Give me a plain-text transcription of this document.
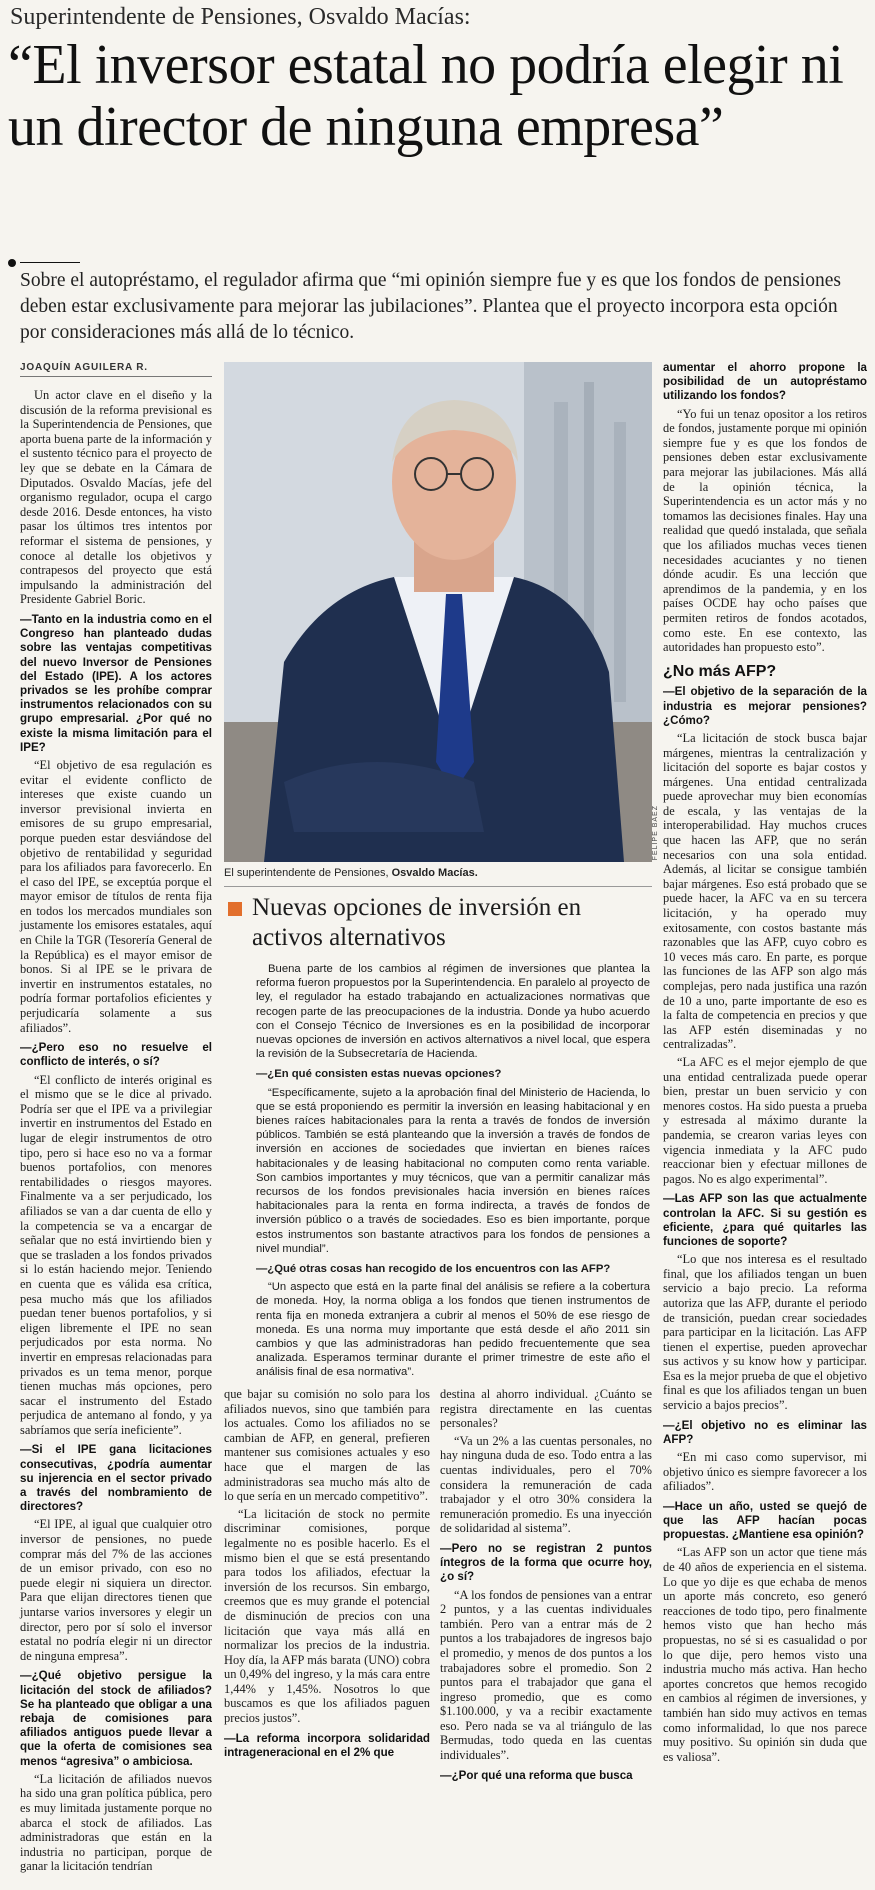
Superintendente de Pensiones, Osvaldo Macías:
“El inversor estatal no podría elegir ni un director de ninguna empresa”
Sobre el autopréstamo, el regulador afirma que “mi opinión siempre fue y es que los fondos de pensiones deben estar exclusivamente para mejorar las jubilaciones”. Plantea que el proyecto incorpora esta opción por consideraciones más allá de lo técnico.
JOAQUÍN AGUILERA R.

Un actor clave en el diseño y la discusión de la reforma previsional es la Superintendencia de Pensiones, que aporta buena parte de la información y el sustento técnico para el proyecto de ley que se debate en la Cámara de Diputados. Osvaldo Macías, jefe del organismo regulador, ocupa el cargo desde 2016. Desde entonces, ha visto pasar los últimos tres intentos por reformar el sistema de pensiones, y conoce al detalle los objetivos y contrapesos del proyecto que está impulsando la administración del Presidente Gabriel Boric.

—Tanto en la industria como en el Congreso han planteado dudas sobre las ventajas competitivas del nuevo Inversor de Pensiones del Estado (IPE). A los actores privados se les prohíbe comprar instrumentos relacionados con su grupo empresarial. ¿Por qué no existe la misma limitación para el IPE?

“El objetivo de esa regulación es evitar el evidente conflicto de intereses que existe cuando un inversor previsional invierta en emisores de su grupo empresarial, porque pueden estar desviándose del objetivo de rentabilidad y seguridad para los afiliados para favorecerlo. En el caso del IPE, se exceptúa porque el mayor emisor de títulos de renta fija en todos los mercados mundiales son justamente los emisores estatales, aquí en Chile la TGR (Tesorería General de la República) es el mayor emisor de bonos. Si al IPE se le privara de invertir en instrumentos estatales, no podría formar portafolios eficientes y perjudicaría solamente a sus afiliados”.

—¿Pero eso no resuelve el conflicto de interés, o sí?

“El conflicto de interés original es el mismo que se le dice al privado. Podría ser que el IPE va a privilegiar invertir en instrumentos del Estado en lugar de elegir instrumentos de otro tipo, pero si hace eso no va a formar buenos portafolios, con menores rentabilidades o riesgos mayores. Finalmente va a ser perjudicado, los afiliados se van a dar cuenta de ello y la competencia se va a encargar de señalar que no está invirtiendo bien y que se trasladen a los fondos privados si lo están haciendo mejor. Teniendo en cuenta que es válida esa crítica, pesa mucho más que los afiliados puedan tener buenos portafolios, y si eligen libremente el IPE no sean perjudicados por esta norma. No invertir en empresas relacionadas para privados es un tema menor, porque tienen muchas más opciones, pero sacar el instrumento del Estado perjudica de antemano al fondo, y ya sabríamos que sería ineficiente”.

—Si el IPE gana licitaciones consecutivas, ¿podría aumentar su injerencia en el sector privado a través del nombramiento de directores?

“El IPE, al igual que cualquier otro inversor de pensiones, no puede comprar más del 7% de las acciones de un emisor privado, con eso no puede elegir ni siquiera un director. Para que elijan directores tienen que juntarse varios inversores y elegir un director, pero por sí solo el inversor estatal no podría elegir ni un director de ninguna empresa”.

—¿Qué objetivo persigue la licitación del stock de afiliados? Se ha planteado que obligar a una rebaja de comisiones para afiliados antiguos puede llevar a que la oferta de comisiones sea menos “agresiva” o ambiciosa.

“La licitación de afiliados nuevos ha sido una gran política pública, pero es muy limitada justamente porque no abarca el stock de afiliados. Las administradoras que están en la industria no participan, porque de ganar la licitación tendrían

FELIPE BAEZ
El superintendente de Pensiones, Osvaldo Macías.
Nuevas opciones de inversión en activos alternativos

Buena parte de los cambios al régimen de inversiones que plantea la reforma fueron propuestos por la Superintendencia. En paralelo al proyecto de ley, el regulador ha estado trabajando en actualizaciones normativas que recogen parte de las preocupaciones de la industria. Donde ya hubo acuerdo con el Consejo Técnico de Inversiones es en la posibilidad de incorporar nuevas opciones de inversión en activos alternativos a nivel local, que espera la revisión de la Subsecretaría de Hacienda.

—¿En qué consisten estas nuevas opciones?

“Específicamente, sujeto a la aprobación final del Ministerio de Hacienda, lo que se está proponiendo es permitir la inversión en leasing habitacional y en bienes raíces habitacionales para la renta a través de fondos de inversión públicos. También se está planteando que la inversión a través de fondos de inversión en acciones de sociedades que inviertan en bienes raíces habitacionales y de leasing habitacional no computen como renta variable. Son cambios importantes y muy técnicos, que van a permitir canalizar más recursos de los fondos previsionales hacia inversión en bienes raíces habitacionales para la renta en forma indirecta, a través de fondos de inversión público o a través de sociedades. Eso es bien importante, porque estos instrumentos son bastante atractivos para los fondos de pensiones a nivel mundial”.

—¿Qué otras cosas han recogido de los encuentros con las AFP?

“Un aspecto que está en la parte final del análisis se refiere a la cobertura de moneda. Hoy, la norma obliga a los fondos que tienen instrumentos de renta fija en moneda extranjera a cubrir al menos el 50% de ese riesgo de moneda. Es una norma muy importante que está desde el año 2011 sin cambios y que las administradoras han pedido frecuentemente que sea analizada. Esperamos terminar durante el primer trimestre de este año el análisis final de esa normativa”.

que bajar su comisión no solo para los afiliados nuevos, sino que también para los actuales. Como los afiliados no se cambian de AFP, en general, prefieren mantener sus comisiones actuales y eso hace que el margen de las administradoras sea mucho más alto de lo que sería en un mercado competitivo”.

“La licitación de stock no permite discriminar comisiones, porque legalmente no es posible hacerlo. Es el mismo bien el que se está presentando para todos los afiliados, efectuar la inversión de los recursos. Sin embargo, creemos que es muy grande el potencial de disminución de precios con una licitación que vaya más allá en normalizar los precios de la industria. Hoy día, la AFP más barata (UNO) cobra un 0,49% del ingreso, y la más cara entre 1,44% y 1,45%. Nosotros lo que buscamos es que los afiliados paguen precios justos”.

—La reforma incorpora solidaridad intrageneracional en el 2% que

destina al ahorro individual. ¿Cuánto se registra directamente en las cuentas personales?

“Va un 2% a las cuentas personales, no hay ninguna duda de eso. Todo entra a las cuentas individuales, pero el 70% considera la remuneración de cada trabajador y el otro 30% considera la remuneración promedio. Es una inyección de solidaridad al sistema”.

—Pero no se registran 2 puntos íntegros de la forma que ocurre hoy, ¿o sí?

“A los fondos de pensiones van a entrar 2 puntos, y a las cuentas individuales también. Pero van a entrar más de 2 puntos a los trabajadores de ingresos bajo el promedio, y menos de dos puntos a los trabajadores sobre el promedio. Son 2 puntos para el trabajador que gana el ingreso promedio, que es como $1.100.000, y va a recibir exactamente eso. Pero nada se va al triángulo de las Bermudas, todo queda en las cuentas individuales”.

—¿Por qué una reforma que busca

aumentar el ahorro propone la posibilidad de un autopréstamo utilizando los fondos?

“Yo fui un tenaz opositor a los retiros de fondos, justamente porque mi opinión siempre fue y es que los fondos de pensiones deben estar exclusivamente para mejorar las jubilaciones. Más allá de la opinión técnica, la Superintendencia es un actor más y no tomamos las decisiones finales. Hay una realidad que quedó instalada, que señala que los afiliados muchas veces tienen necesidades acuciantes y no tienen dónde acudir. Es una lección que aprendimos de la pandemia, y en los países OCDE hay ocho países que permiten retiros de fondos acotados, como este. En ese contexto, las autoridades han propuesto esto”.

¿No más AFP?

—El objetivo de la separación de la industria es mejorar pensiones? ¿Cómo?

“La licitación de stock busca bajar márgenes, mientras la centralización y licitación del soporte es bajar costos y márgenes. Una entidad centralizada puede aprovechar muy bien economías de escala, y las ventajas de la interoperabilidad. Hay muchos cruces que hacen las AFP, que no serán necesarios con una sola entidad. Además, al licitar se consigue también bajar márgenes. Eso está probado que se puede hacer, la AFC va en su tercera licitación, y ha operado muy exitosamente, con costos bastante más razonables que las AFP, cuyo cobro es 10 veces más caro. En parte, es porque las funciones de las AFP son algo más complejas, pero nada justifica una razón de 10 a uno, parte importante de eso es la falta de competencia en precios y que las AFP estén diseminadas y no centralizadas”.

“La AFC es el mejor ejemplo de que una entidad centralizada puede operar bien, prestar un buen servicio y con menores costos. Ha sido puesta a prueba y estresada al máximo durante la pandemia, se crearon varias leyes con vigencia inmediata y la AFC pudo reaccionar bien y efectuar millones de pagos. No es algo experimental”.

—Las AFP son las que actualmente controlan la AFC. Si su gestión es eficiente, ¿para qué quitarles las funciones de soporte?

“Lo que nos interesa es el resultado final, que los afiliados tengan un buen servicio a bajo precio. La reforma autoriza que las AFP, durante el periodo de transición, puedan crear sociedades para participar en la licitación. Las AFP tienen el expertise, pueden aprovechar sus activos y su know how y participar. Esa es la mejor prueba de que el objetivo final es que los afiliados tengan un buen servicio a bajos precios”.

—¿El objetivo no es eliminar las AFP?

“En mi caso como supervisor, mi objetivo único es siempre favorecer a los afiliados”.

—Hace un año, usted se quejó de que las AFP hacían pocas propuestas. ¿Mantiene esa opinión?

“Las AFP son un actor que tiene más de 40 años de experiencia en el sistema. Lo que yo dije es que echaba de menos un aporte más concreto, eso generó reacciones de todo tipo, pero finalmente hemos visto que han hecho más propuestas, no sé si es casualidad o por lo que dije, pero hemos visto una industria mucho más activa. Han hecho aportes concretos que hemos recogido en cambios al régimen de inversiones, y también han sido muy activos en temas como informalidad, lo que nos parece muy positivo. Su opinión sin duda que es valiosa”.
